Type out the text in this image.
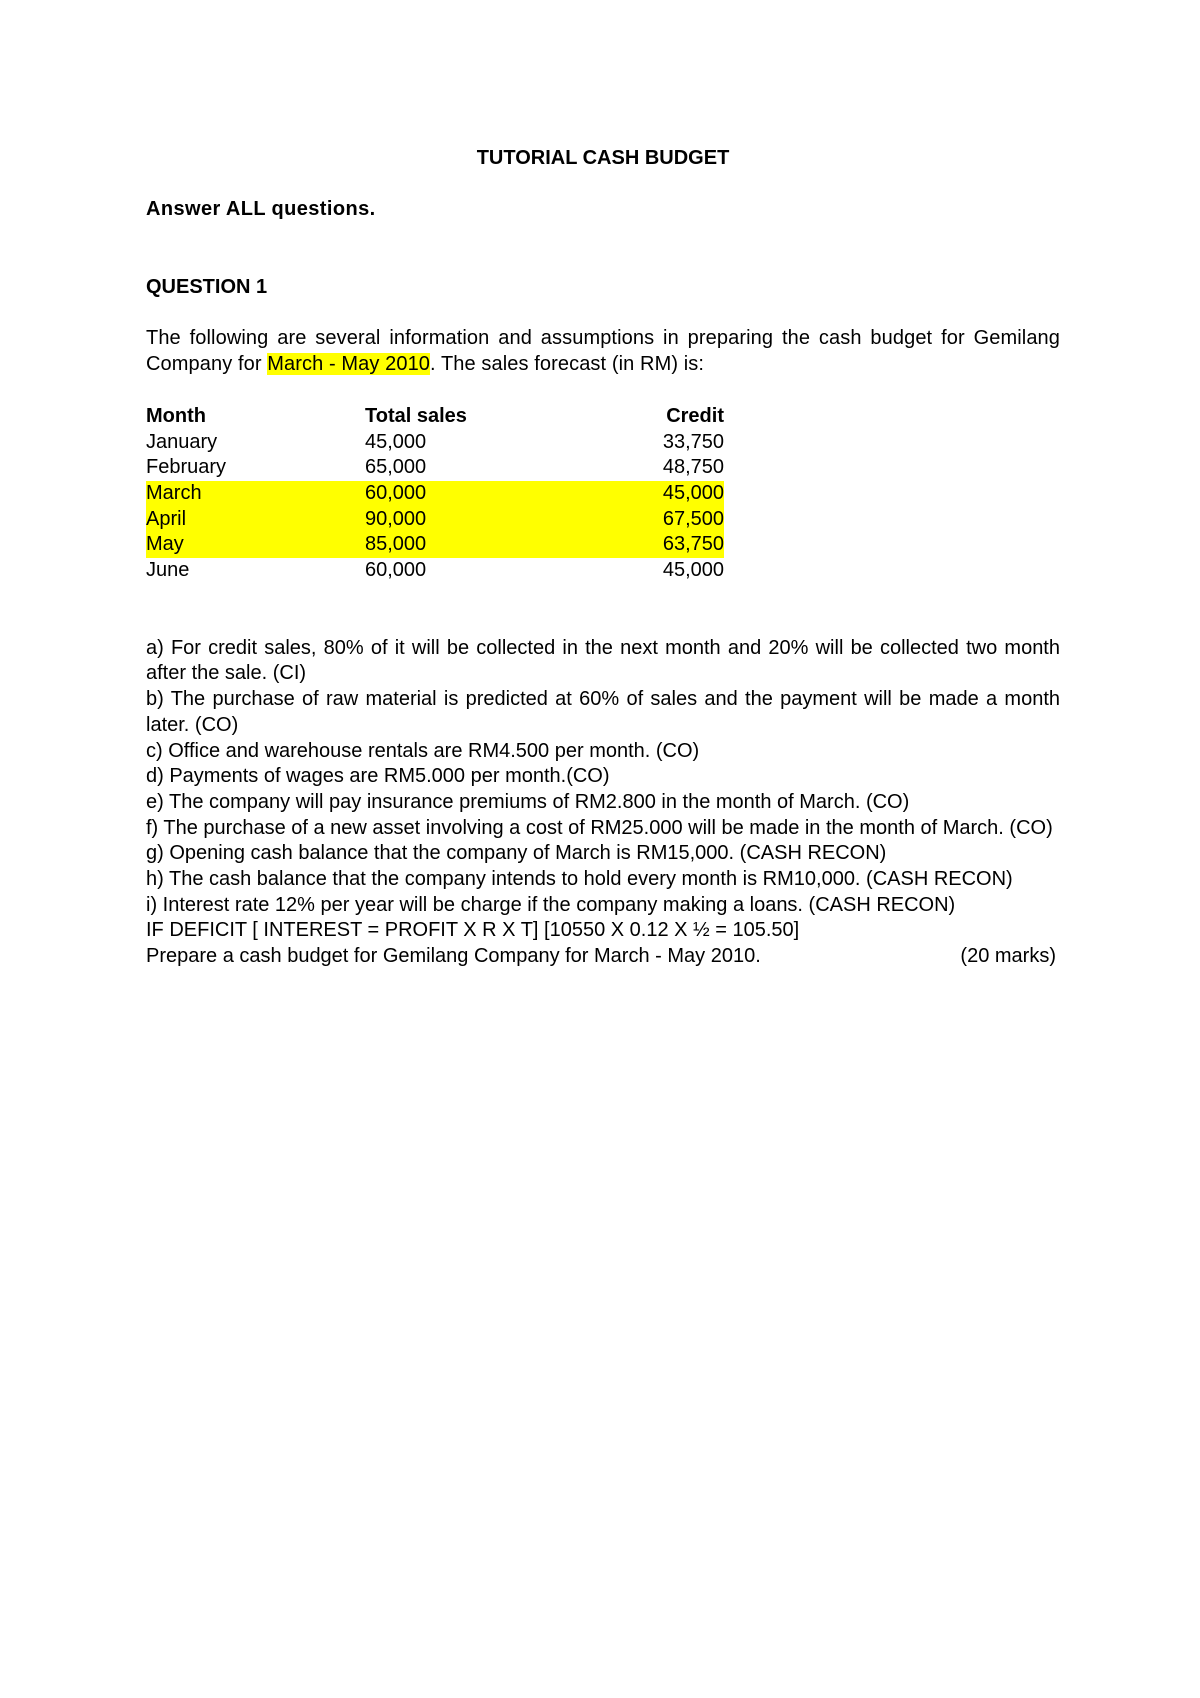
TUTORIAL CASH BUDGET

Answer ALL questions.

QUESTION 1

The following are several information and assumptions in preparing the cash budget for Gemilang Company for March - May 2010. The sales forecast (in RM) is:

Month	Total sales	Credit
January	45,000	33,750
February	65,000	48,750
March	60,000	45,000
April	90,000	67,500
May	85,000	63,750
June	60,000	45,000
a) For credit sales, 80% of it will be collected in the next month and 20% will be collected two month after the sale. (CI)
b) The purchase of raw material is predicted at 60% of sales and the payment will be made a month later. (CO)
c) Office and warehouse rentals are RM4.500 per month. (CO)
d) Payments of wages are RM5.000 per month.(CO)
e) The company will pay insurance premiums of RM2.800 in the month of March. (CO)
f) The purchase of a new asset involving a cost of RM25.000 will be made in the month of March. (CO)
g) Opening cash balance that the company of March is RM15,000. (CASH RECON)
h) The cash balance that the company intends to hold every month is RM10,000. (CASH RECON)
i) Interest rate 12% per year will be charge if the company making a loans. (CASH RECON)

IF DEFICIT [ INTEREST = PROFIT X R X T] [10550 X 0.12 X ½ = 105.50]

Prepare a cash budget for Gemilang Company for March - May 2010.	(20 marks)
